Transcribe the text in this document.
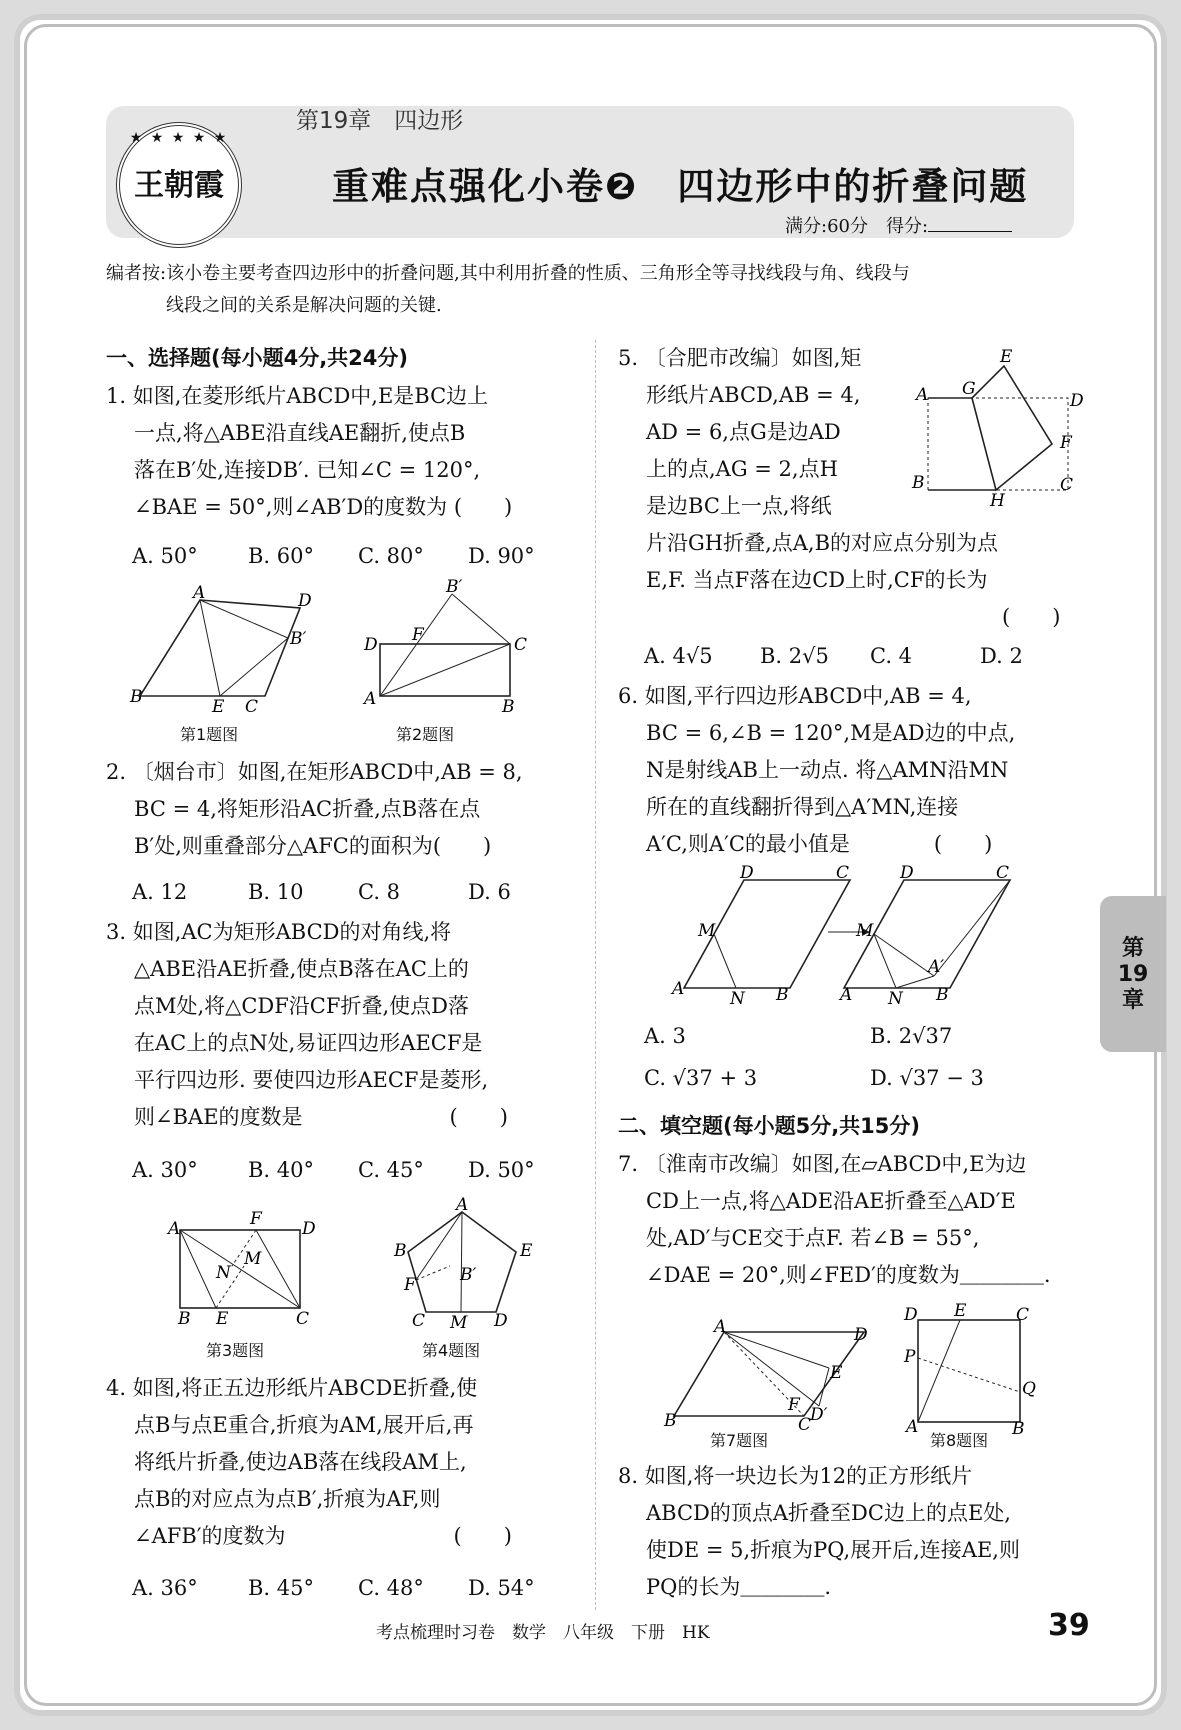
★ ★ ★ ★ ★
王朝霞
第19章　四边形
重难点强化小卷❷　四边形中的折叠问题
满分:60分　得分:
编者按:该小卷主要考查四边形中的折叠问题,其中利用折叠的性质、三角形全等寻找线段与角、线段与
线段之间的关系是解决问题的关键.
一、选择题(每小题4分,共24分)
1. 如图,在菱形纸片ABCD中,E是BC边上
一点,将△ABE沿直线AE翻折,使点B
落在B′处,连接DB′. 已知∠C = 120°,
∠BAE = 50°,则∠AB′D的度数为 (　　)
A. 50° B. 60° C. 80° D. 90°
A	D
B′
B	E C
B′
D F	C
A	B
第1题图	第2题图
2. 〔烟台市〕如图,在矩形ABCD中,AB = 8,
BC = 4,将矩形沿AC折叠,点B落在点
B′处,则重叠部分△AFC的面积为(　　)
A. 12	B. 10	C. 8	D. 6
3. 如图,AC为矩形ABCD的对角线,将
△ABE沿AE折叠,使点B落在AC上的
点M处,将△CDF沿CF折叠,使点D落
在AC上的点N处,易证四边形AECF是
平行四边形. 要使四边形AECF是菱形,
则∠BAE的度数是　　　　　　　(　　)
A. 30° B. 40° C. 45° D. 50°
A	F D
M
N
B E	C
A
B	E
B′
F
C M D
第3题图	第4题图
4. 如图,将正五边形纸片ABCDE折叠,使
点B与点E重合,折痕为AM,展开后,再
将纸片折叠,使边AB落在线段AM上,
点B的对应点为点B′,折痕为AF,则
∠AFB′的度数为　　　　　　　　(　　)
A. 36° B. 45° C. 48° D. 54°
5. 〔合肥市改编〕如图,矩
形纸片ABCD,AB = 4,
AD = 6,点G是边AD
上的点,AG = 2,点H
是边BC上一点,将纸
片沿GH折叠,点A,B的对应点分别为点
E,F. 当点F落在边CD上时,CF的长为
(　　)
E
A G
D
F
B
H
C
A. 4√5 B. 2√5 C. 4	D. 2
6. 如图,平行四边形ABCD中,AB = 4,
BC = 6,∠B = 120°,M是AD边的中点,
N是射线AB上一动点. 将△AMN沿MN
所在的直线翻折得到△A′MN,连接
A′C,则A′C的最小值是　　　　(　　)
D	C
M
A	N B
D	C
M
A′
A N B
A. 3	B. 2√37
C. √37 + 3	D. √37 − 3
二、填空题(每小题5分,共15分)
7. 〔淮南市改编〕如图,在▱ABCD中,E为边
CD上一点,将△ADE沿AE折叠至△AD′E
处,AD′与CE交于点F. 若∠B = 55°,
∠DAE = 20°,则∠FED′的度数为＿＿＿＿.
A	D
E
F D′
B	C
D E	C
P
Q
A	B
第7题图	第8题图
8. 如图,将一块边长为12的正方形纸片
ABCD的顶点A折叠至DC边上的点E处,
使DE = 5,折痕为PQ,展开后,连接AE,则
PQ的长为＿＿＿＿.
第
19
章
考点梳理时习卷　数学　八年级　下册　HK	39
